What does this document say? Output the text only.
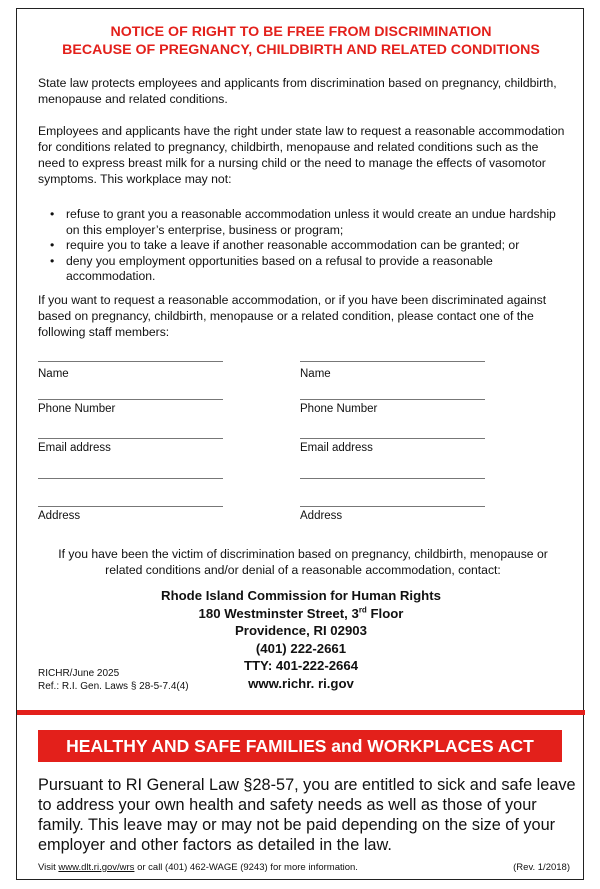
NOTICE OF RIGHT TO BE FREE FROM DISCRIMINATION
BECAUSE OF PREGNANCY, CHILDBIRTH AND RELATED CONDITIONS
State law protects employees and applicants from discrimination based on pregnancy, childbirth, menopause and related conditions.
Employees and applicants have the right under state law to request a reasonable accommodation for conditions related to pregnancy, childbirth, menopause and related conditions such as the need to express breast milk for a nursing child or the need to manage the effects of vasomotor symptoms. This workplace may not:
• refuse to grant you a reasonable accommodation unless it would create an undue hardship on this employer’s enterprise, business or program;
• require you to take a leave if another reasonable accommodation can be granted; or
• deny you employment opportunities based on a refusal to provide a reasonable accommodation.
If you want to request a reasonable accommodation, or if you have been discriminated against based on pregnancy, childbirth, menopause or a related condition, please contact one of the following staff members:
Name
Phone Number
Email address
Address
Name
Phone Number
Email address
Address
If you have been the victim of discrimination based on pregnancy, childbirth, menopause or related conditions and/or denial of a reasonable accommodation, contact:
Rhode Island Commission for Human Rights
180 Westminster Street, 3rd Floor
Providence, RI 02903
(401) 222-2661
TTY: 401-222-2664
www.richr. ri.gov
RICHR/June 2025
Ref.: R.I. Gen. Laws § 28-5-7.4(4)
HEALTHY AND SAFE FAMILIES and WORKPLACES ACT
Pursuant to RI General Law §28-57, you are entitled to sick and safe leave to address your own health and safety needs as well as those of your family. This leave may or may not be paid depending on the size of your employer and other factors as detailed in the law.
Visit www.dlt.ri.gov/wrs or call (401) 462-WAGE (9243) for more information.	(Rev. 1/2018)
